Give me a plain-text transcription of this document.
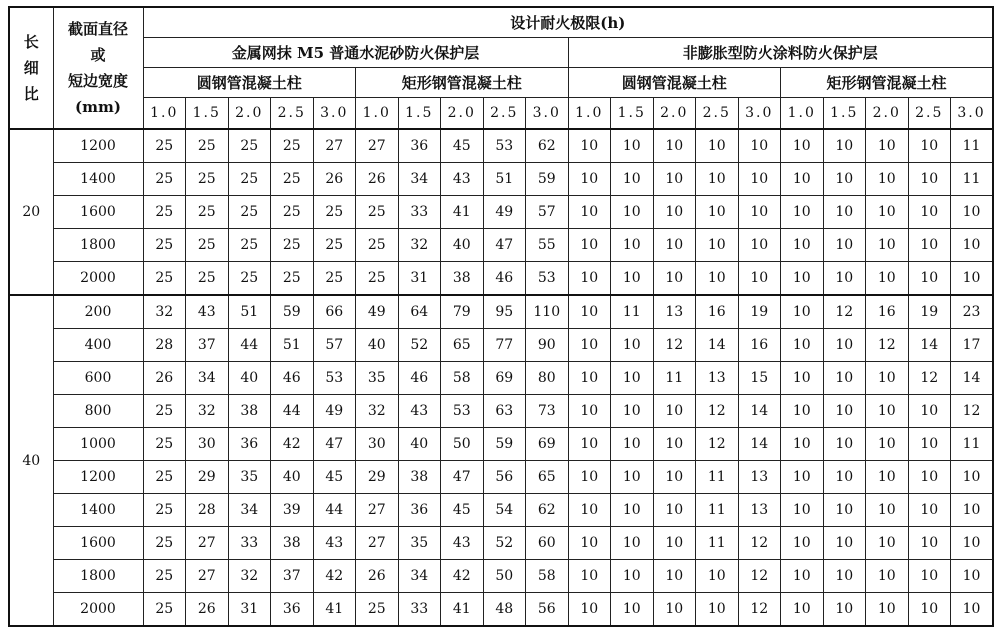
长
细
比	截面直径
或
短边宽度
(mm)	设计耐火极限(h)																			
		金属网抹 M5 普通水泥砂防火保护层										非膨胀型防火涂料防火保护层									
		圆钢管混凝土柱					矩形钢管混凝土柱					圆钢管混凝土柱					矩形钢管混凝土柱				
		1.0	1.5	2.0	2.5	3.0	1.0	1.5	2.0	2.5	3.0	1.0	1.5	2.0	2.5	3.0	1.0	1.5	2.0	2.5	3.0
20	1200	25	25	25	25	27	27	36	45	53	62	10	10	10	10	10	10	10	10	10	11
	1400	25	25	25	25	26	26	34	43	51	59	10	10	10	10	10	10	10	10	10	11
	1600	25	25	25	25	25	25	33	41	49	57	10	10	10	10	10	10	10	10	10	10
	1800	25	25	25	25	25	25	32	40	47	55	10	10	10	10	10	10	10	10	10	10
	2000	25	25	25	25	25	25	31	38	46	53	10	10	10	10	10	10	10	10	10	10
40	200	32	43	51	59	66	49	64	79	95	110	10	11	13	16	19	10	12	16	19	23
	400	28	37	44	51	57	40	52	65	77	90	10	10	12	14	16	10	10	12	14	17
	600	26	34	40	46	53	35	46	58	69	80	10	10	11	13	15	10	10	10	12	14
	800	25	32	38	44	49	32	43	53	63	73	10	10	10	12	14	10	10	10	10	12
	1000	25	30	36	42	47	30	40	50	59	69	10	10	10	12	14	10	10	10	10	11
	1200	25	29	35	40	45	29	38	47	56	65	10	10	10	11	13	10	10	10	10	10
	1400	25	28	34	39	44	27	36	45	54	62	10	10	10	11	13	10	10	10	10	10
	1600	25	27	33	38	43	27	35	43	52	60	10	10	10	11	12	10	10	10	10	10
	1800	25	27	32	37	42	26	34	42	50	58	10	10	10	10	12	10	10	10	10	10
	2000	25	26	31	36	41	25	33	41	48	56	10	10	10	10	12	10	10	10	10	10
